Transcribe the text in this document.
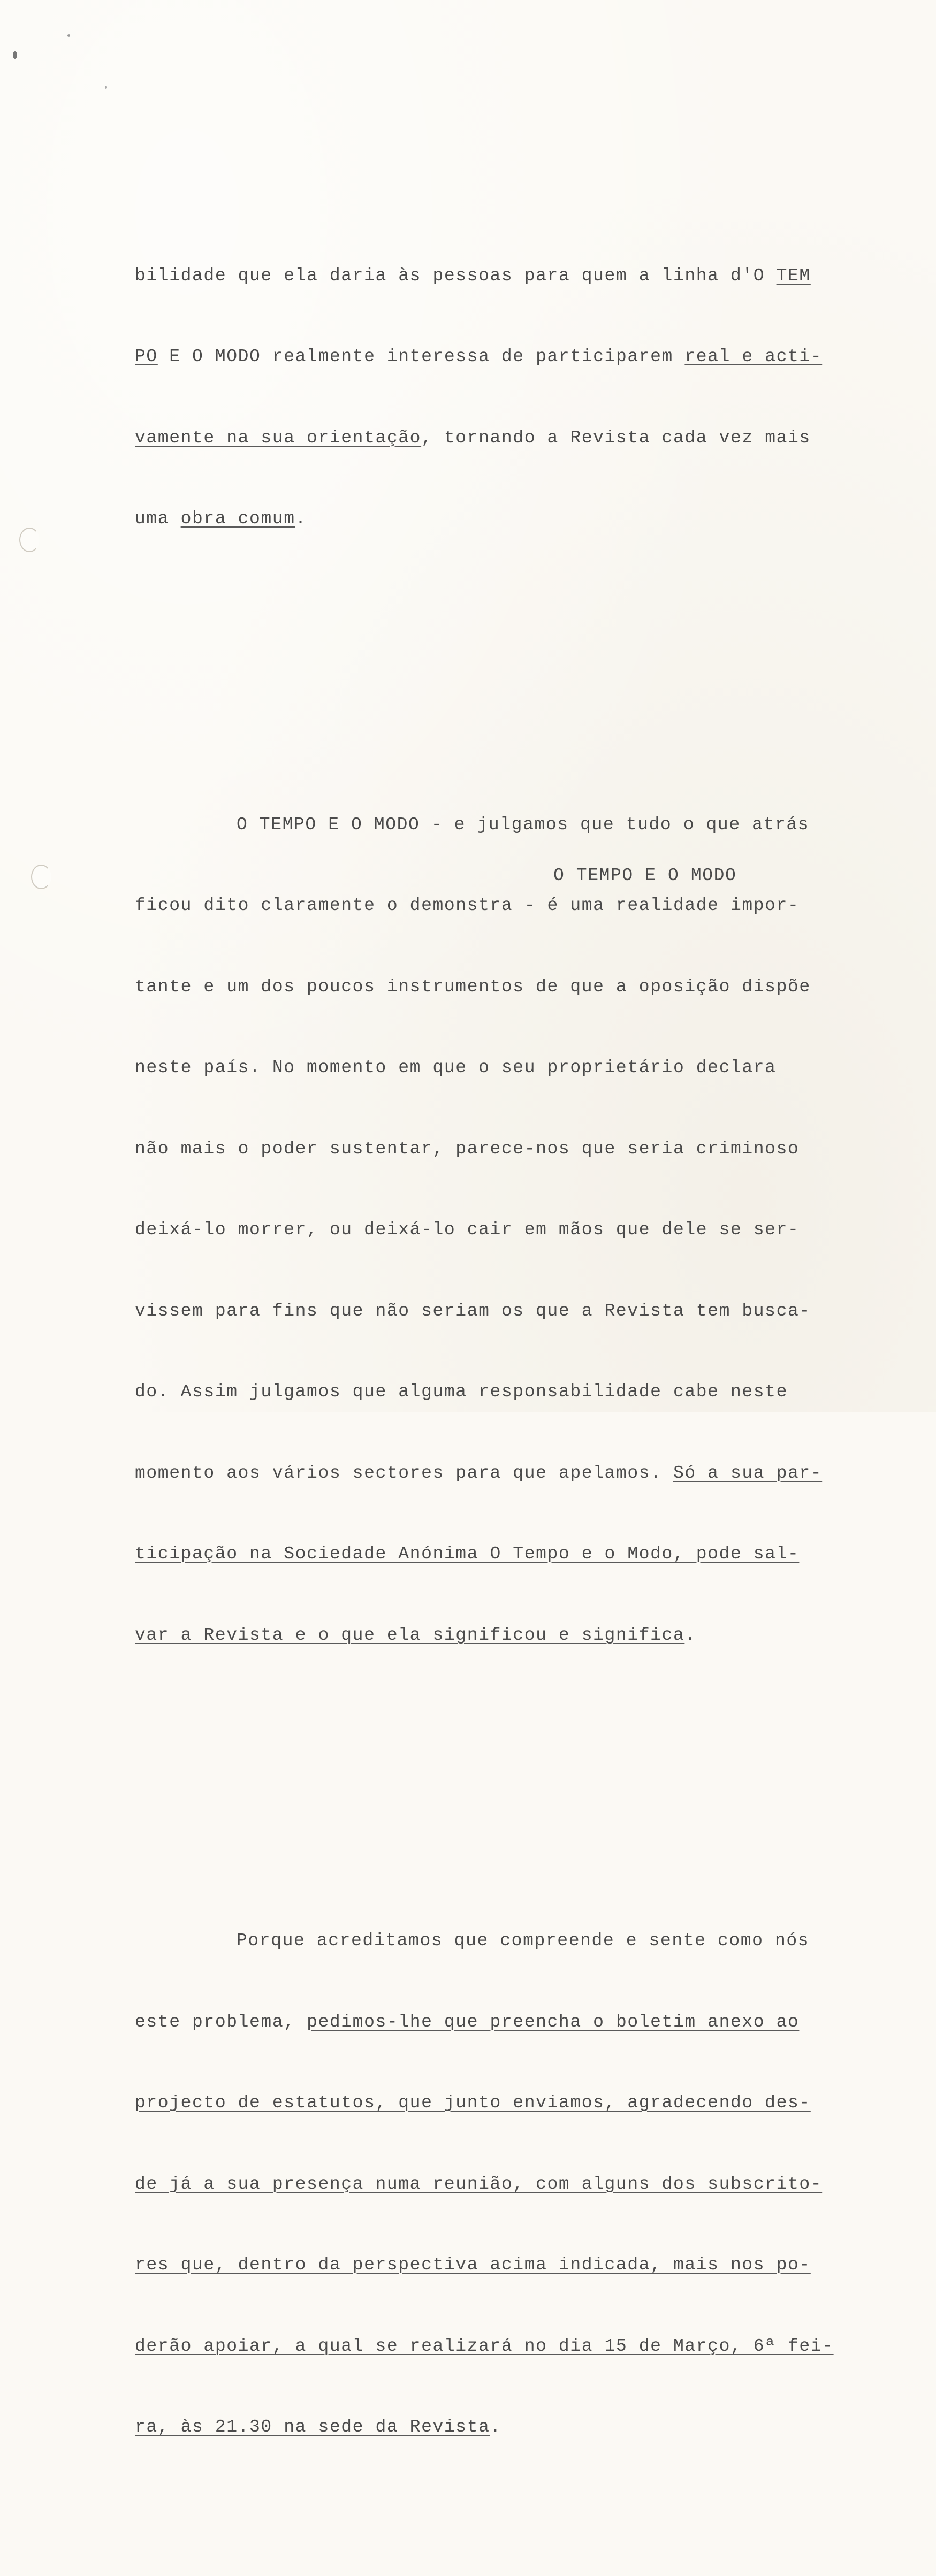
bilidade que ela daria às pessoas para quem a linha d'O TEM

PO E O MODO realmente interessa de participarem real e acti-

vamente na sua orientação, tornando a Revista cada vez mais

uma obra comum.

O TEMPO E O MODO - e julgamos que tudo o que atrás

ficou dito claramente o demonstra - é uma realidade impor-

tante e um dos poucos instrumentos de que a oposição dispõe

neste país. No momento em que o seu proprietário declara

não mais o poder sustentar, parece-nos que seria criminoso

deixá-lo morrer, ou deixá-lo cair em mãos que dele se ser-

vissem para fins que não seriam os que a Revista tem busca-

do. Assim julgamos que alguma responsabilidade cabe neste

momento aos vários sectores para que apelamos. Só a sua par-

ticipação na Sociedade Anónima O Tempo e o Modo, pode sal-

var a Revista e o que ela significou e significa.

Porque acreditamos que compreende e sente como nós

este problema, pedimos-lhe que preencha o boletim anexo ao

projecto de estatutos, que junto enviamos, agradecendo des-

de já a sua presença numa reunião, com alguns dos subscrito-

res que, dentro da perspectiva acima indicada, mais nos po-

derão apoiar, a qual se realizará no dia 15 de Março, 6ª fei-

ra, às 21.30 na sede da Revista.

O TEMPO E O MODO
